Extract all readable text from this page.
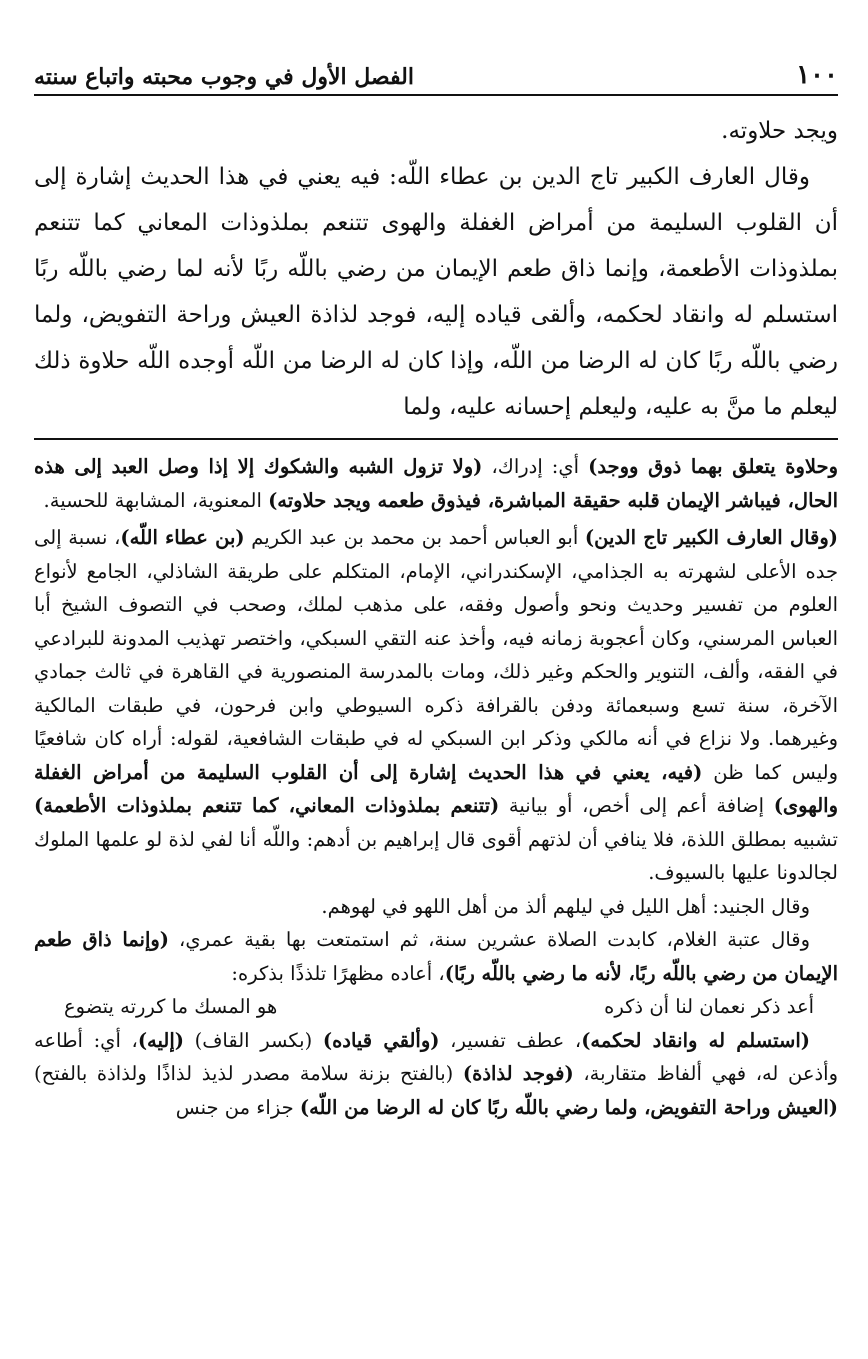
١٠٠
الفصل الأول في وجوب محبته واتباع سنته

ويجد حلاوته.

وقال العارف الكبير تاج الدين بن عطاء اللّه: فيه يعني في هذا الحديث إشارة إلى أن القلوب السليمة من أمراض الغفلة والهوى تتنعم بملذوذات المعاني كما تتنعم بملذوذات الأطعمة، وإنما ذاق طعم الإيمان من رضي باللّه ربًا لأنه لما رضي باللّه ربًا استسلم له وانقاد لحكمه، وألقى قياده إليه، فوجد لذاذة العيش وراحة التفويض، ولما رضي باللّه ربًا كان له الرضا من اللّه، وإذا كان له الرضا من اللّه أوجده اللّه حلاوة ذلك ليعلم ما منَّ به عليه، وليعلم إحسانه عليه، ولما

وحلاوة يتعلق بهما ذوق ووجد) أي: إدراك، (ولا تزول الشبه والشكوك إلا إذا وصل العبد إلى هذه الحال، فيباشر الإيمان قلبه حقيقة المباشرة، فيذوق طعمه ويجد حلاوته) المعنوية، المشابهة للحسية.

(وقال العارف الكبير تاج الدين) أبو العباس أحمد بن محمد بن عبد الكريم (بن عطاء اللّه)، نسبة إلى جده الأعلى لشهرته به الجذامي، الإسكندراني، الإمام، المتكلم على طريقة الشاذلي، الجامع لأنواع العلوم من تفسير وحديث ونحو وأصول وفقه، على مذهب لملك، وصحب في التصوف الشيخ أبا العباس المرسني، وكان أعجوبة زمانه فيه، وأخذ عنه التقي السبكي، واختصر تهذيب المدونة للبرادعي في الفقه، وألف، التنوير والحكم وغير ذلك، ومات بالمدرسة المنصورية في القاهرة في ثالث جمادي الآخرة، سنة تسع وسبعمائة ودفن بالقرافة ذكره السيوطي وابن فرحون، في طبقات المالكية وغيرهما. ولا نزاع في أنه مالكي وذكر ابن السبكي له في طبقات الشافعية، لقوله: أراه كان شافعيًا وليس كما ظن (فيه، يعني في هذا الحديث إشارة إلى أن القلوب السليمة من أمراض الغفلة والهوى) إضافة أعم إلى أخص، أو بيانية (تتنعم بملذوذات المعاني، كما تتنعم بملذوذات الأطعمة) تشبيه بمطلق اللذة، فلا ينافي أن لذتهم أقوى قال إبراهيم بن أدهم: واللّه أنا لفي لذة لو علمها الملوك لجالدونا عليها بالسيوف.

وقال الجنيد: أهل الليل في ليلهم ألذ من أهل اللهو في لهوهم.

وقال عتبة الغلام، كابدت الصلاة عشرين سنة، ثم استمتعت بها بقية عمري، (وإنما ذاق طعم الإيمان من رضي باللّه ربًا، لأنه ما رضي باللّه ربًا)، أعاده مظهرًا تلذذًا بذكره:

أعد ذكر نعمان لنا أن ذكره
هو المسك ما كررته يتضوع

(استسلم له وانقاد لحكمه)، عطف تفسير، (وألقي قياده) (بكسر القاف) (إليه)، أي: أطاعه وأذعن له، فهي ألفاظ متقاربة، (فوجد لذاذة) (بالفتح بزنة سلامة مصدر لذيذ لذاذًا ولذاذة بالفتح) (العيش وراحة التفويض، ولما رضي باللّه ربًا كان له الرضا من اللّه) جزاء من جنس
